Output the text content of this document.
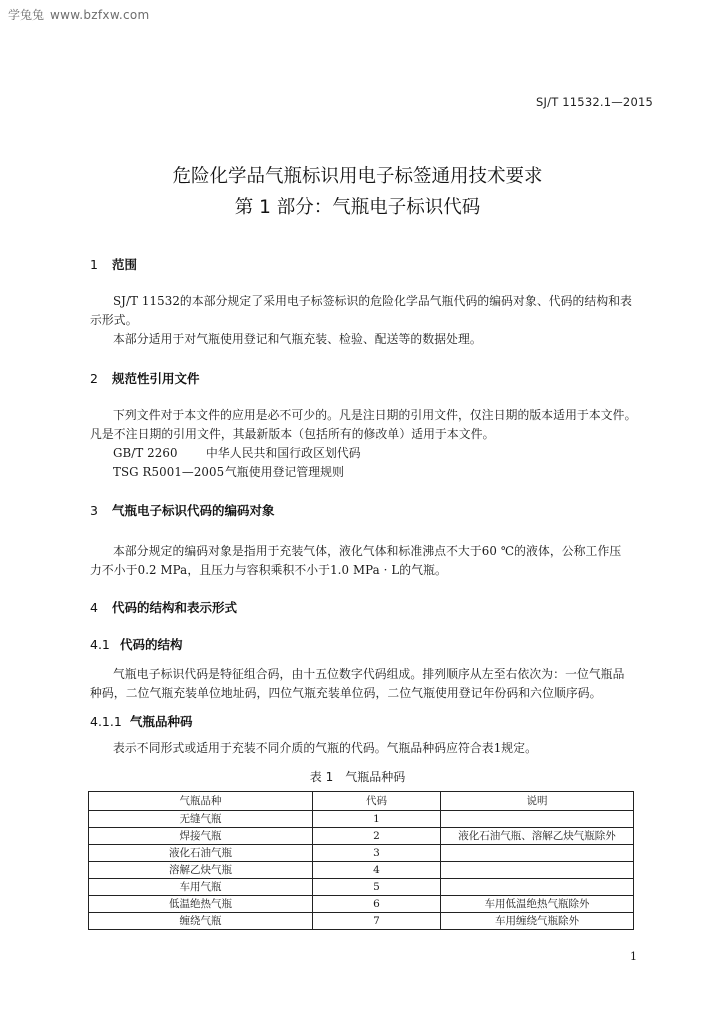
学兔兔 www.bzfxw.com
SJ/T 11532.1—2015
危险化学品气瓶标识用电子标签通用技术要求
第 1 部分：气瓶电子标识代码
1 范围
SJ/T 11532的本部分规定了采用电子标签标识的危险化学品气瓶代码的编码对象、代码的结构和表
示形式。
本部分适用于对气瓶使用登记和气瓶充装、检验、配送等的数据处理。
2 规范性引用文件
下列文件对于本文件的应用是必不可少的。凡是注日期的引用文件，仅注日期的版本适用于本文件。
凡是不注日期的引用文件，其最新版本（包括所有的修改单）适用于本文件。
GB/T 2260 中华人民共和国行政区划代码
TSG R5001—2005气瓶使用登记管理规则
3 气瓶电子标识代码的编码对象
本部分规定的编码对象是指用于充装气体，液化气体和标准沸点不大于60 ℃的液体，公称工作压
力不小于0.2 MPa，且压力与容积乘积不小于1.0 MPa · L的气瓶。
4 代码的结构和表示形式
4.1 代码的结构
气瓶电子标识代码是特征组合码，由十五位数字代码组成。排列顺序从左至右依次为：一位气瓶品
种码，二位气瓶充装单位地址码，四位气瓶充装单位码，二位气瓶使用登记年份码和六位顺序码。
4.1.1 气瓶品种码
表示不同形式或适用于充装不同介质的气瓶的代码。气瓶品种码应符合表1规定。
表 1　气瓶品种码
气瓶品种	代码	说明
无缝气瓶	1	
焊接气瓶	2	液化石油气瓶、溶解乙炔气瓶除外
液化石油气瓶	3	
溶解乙炔气瓶	4	
车用气瓶	5	
低温绝热气瓶	6	车用低温绝热气瓶除外
缠绕气瓶	7	车用缠绕气瓶除外
1
